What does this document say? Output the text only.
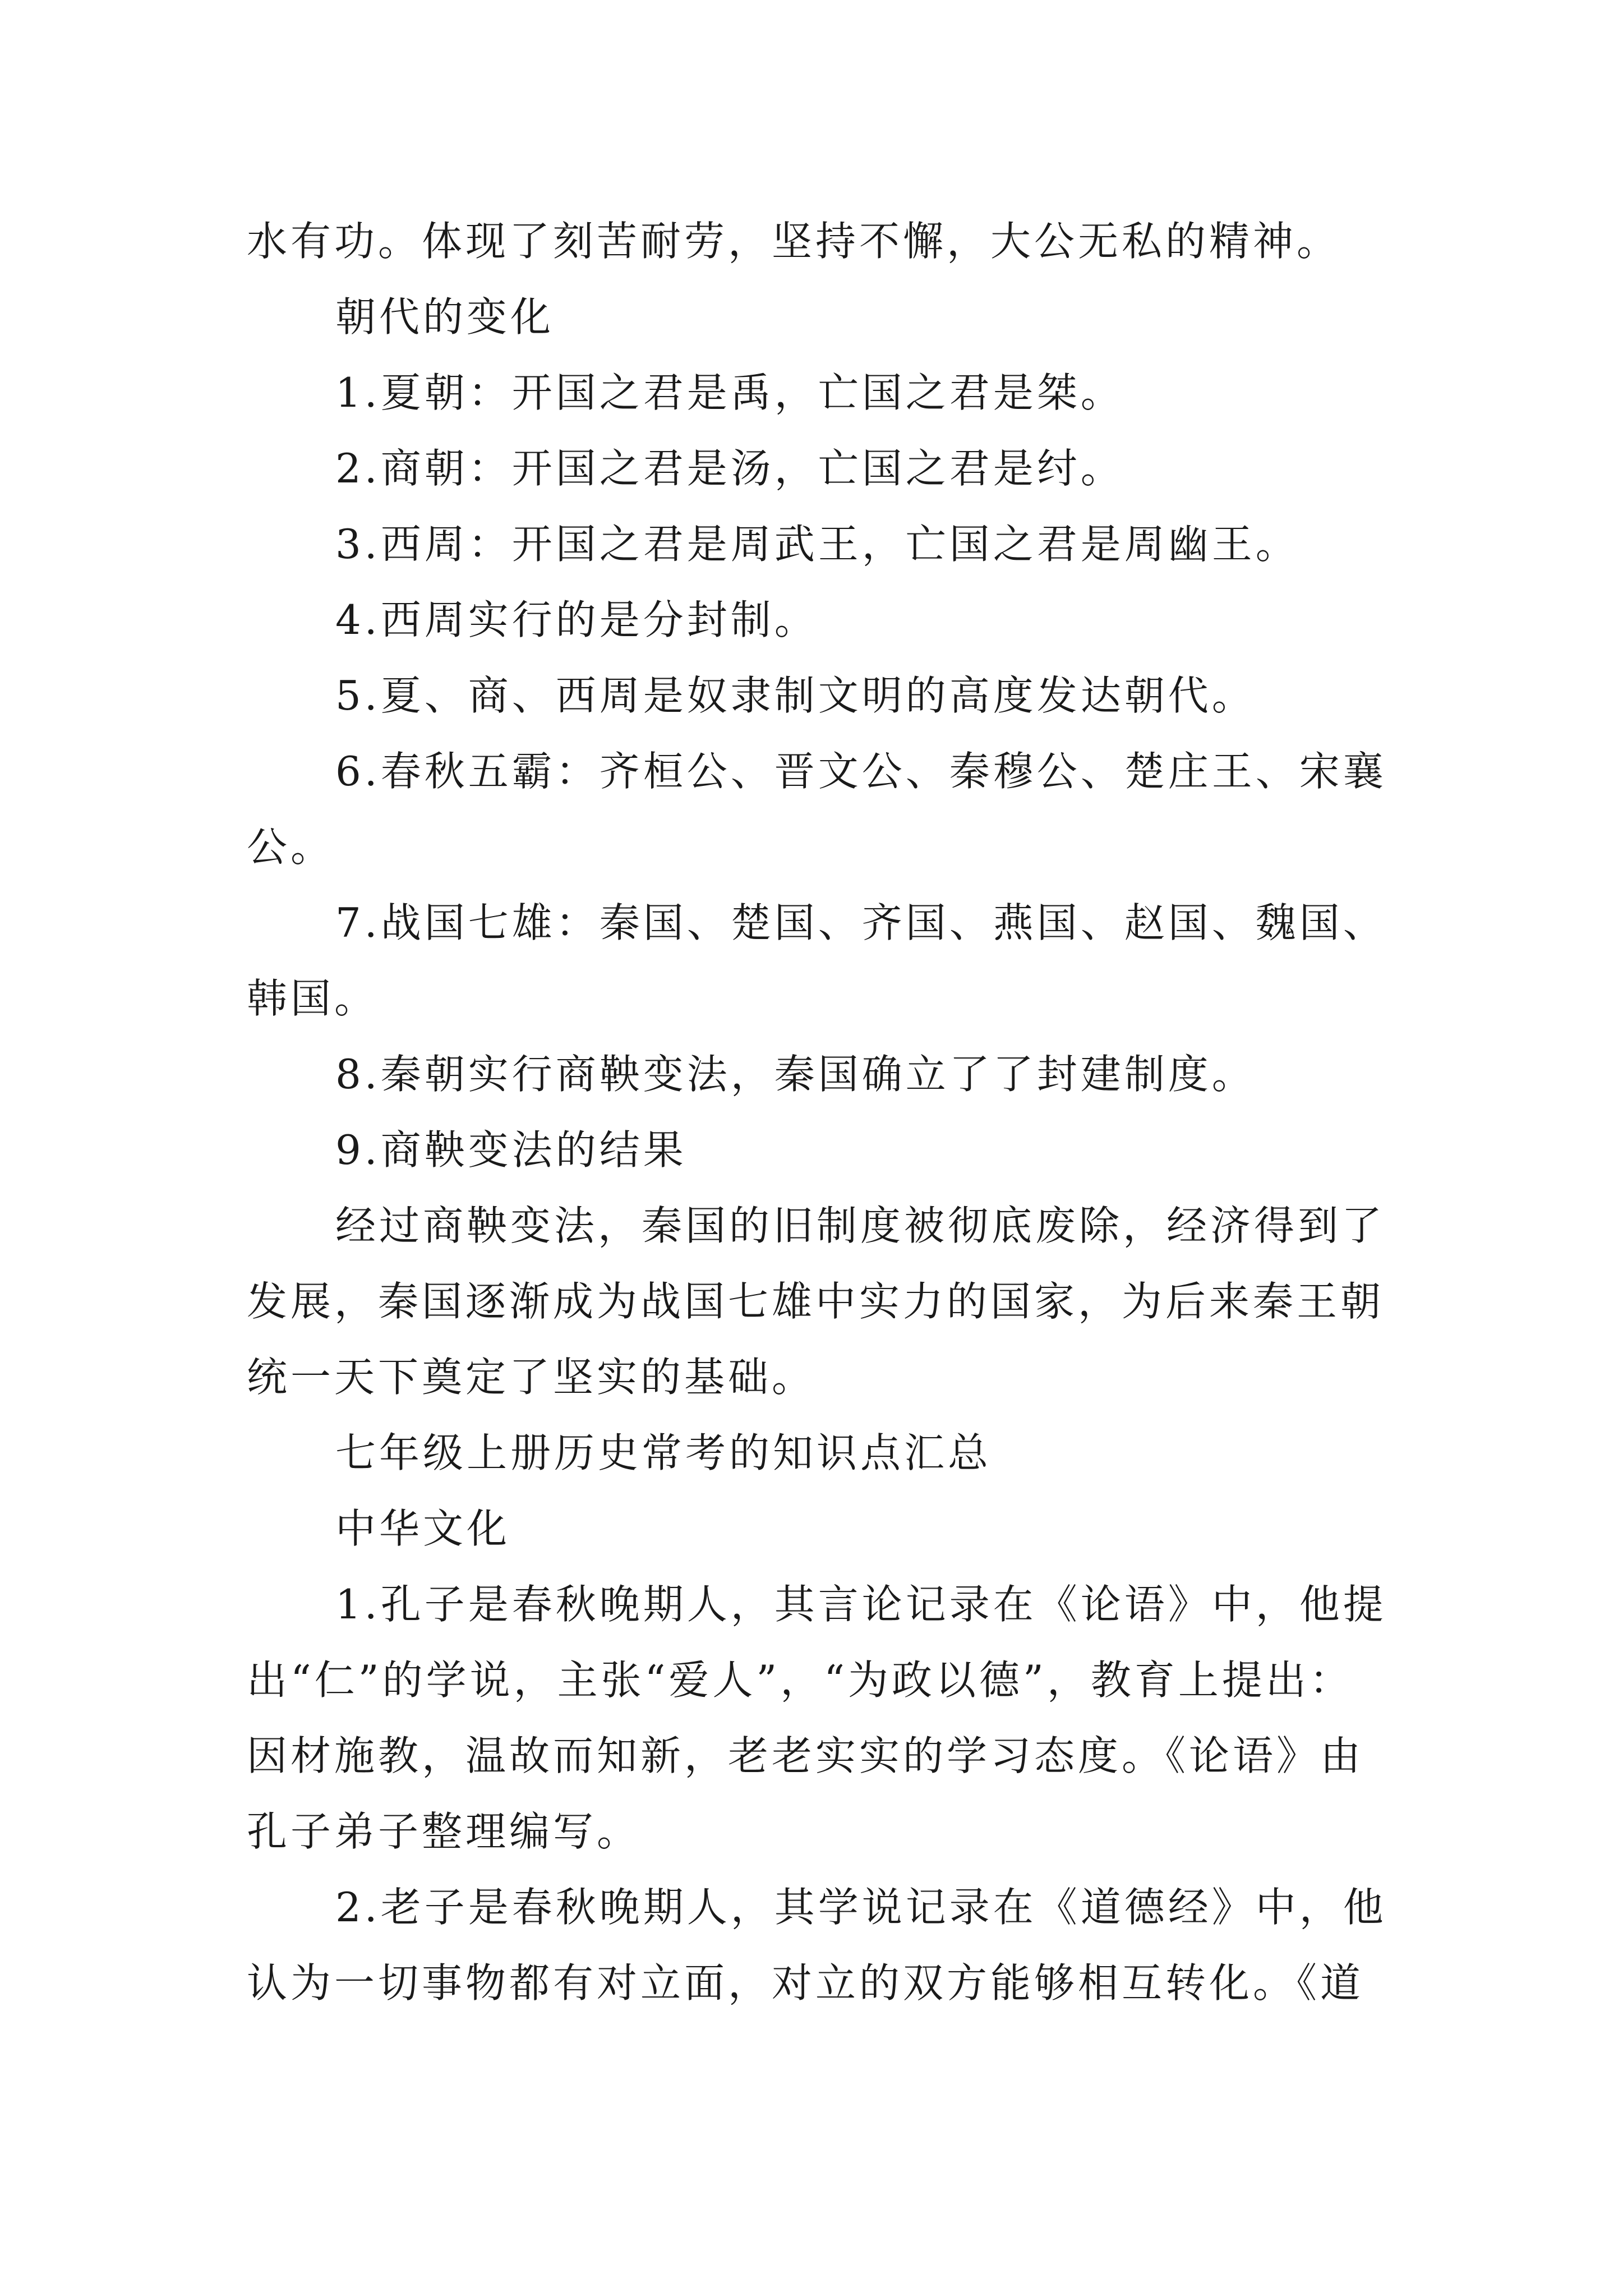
水有功。体现了刻苦耐劳，坚持不懈，大公无私的精神。

朝代的变化

1.夏朝：开国之君是禹，亡国之君是桀。

2.商朝：开国之君是汤，亡国之君是纣。

3.西周：开国之君是周武王，亡国之君是周幽王。

4.西周实行的是分封制。

5.夏、商、西周是奴隶制文明的高度发达朝代。

6.春秋五霸：齐桓公、晋文公、秦穆公、楚庄王、宋襄

公。

7.战国七雄：秦国、楚国、齐国、燕国、赵国、魏国、

韩国。

8.秦朝实行商鞅变法，秦国确立了了封建制度。

9.商鞅变法的结果

经过商鞅变法，秦国的旧制度被彻底废除，经济得到了

发展，秦国逐渐成为战国七雄中实力的国家，为后来秦王朝

统一天下奠定了坚实的基础。

七年级上册历史常考的知识点汇总

中华文化

1.孔子是春秋晚期人，其言论记录在《论语》中，他提

出“仁”的学说，主张“爱人”，“为政以德”，教育上提出：

因材施教，温故而知新，老老实实的学习态度。《论语》由

孔子弟子整理编写。

2.老子是春秋晚期人，其学说记录在《道德经》中，他

认为一切事物都有对立面，对立的双方能够相互转化。《道
